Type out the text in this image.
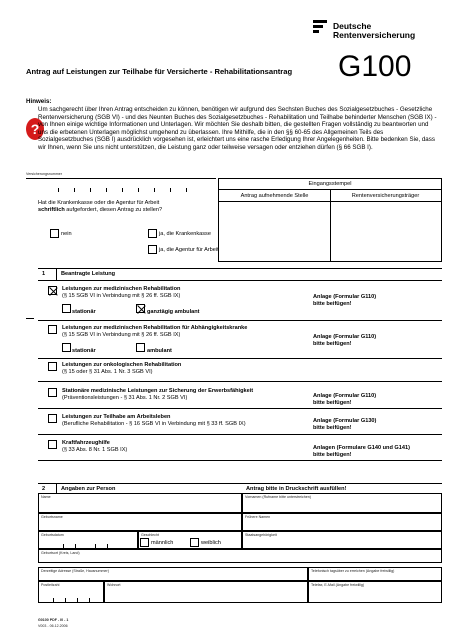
Deutsche
Rentenversicherung
Antrag auf Leistungen zur Teilhabe für Versicherte - Rehabilitationsantrag G100
?
Hinweis:
Um sachgerecht über Ihren Antrag entscheiden zu können, benötigen wir aufgrund des Sechsten Buches des Sozialgesetzbuches - Gesetzliche Rentenversicherung (SGB VI) - und des Neunten Buches des Sozialgesetzbuches - Rehabilitation und Teilhabe behinderter Menschen (SGB IX) - von Ihnen einige wichtige Informationen und Unterlagen. Wir möchten Sie deshalb bitten, die gestellten Fragen vollständig zu beantworten und uns die erbetenen Unterlagen möglichst umgehend zu überlassen. Ihre Mithilfe, die in den §§ 60-65 des Allgemeinen Teils des Sozialgesetzbuches (SGB I) ausdrücklich vorgesehen ist, erleichtert uns eine rasche Erledigung Ihrer Angelegenheiten. Bitte bedenken Sie, dass wir Ihnen, wenn Sie uns nicht unterstützen, die Leistung ganz oder teilweise versagen oder entziehen dürfen (§ 66 SGB I).
Versicherungsnummer
Eingangsstempel
Antrag aufnehmende Stelle	Rentenversicherungsträger
Hat die Krankenkasse oder die Agentur für Arbeit
schriftlich aufgefordert, diesen Antrag zu stellen?
nein	ja, die Krankenkasse
ja, die Agentur für Arbeit
1	Beantragte Leistung
Leistungen zur medizinischen Rehabilitation
(§ 15 SGB VI in Verbindung mit § 26 ff. SGB IX)	Anlage (Formular G110)
bitte beifügen!
stationär	ganztägig ambulant
Leistungen zur medizinischen Rehabilitation für Abhängigkeitskranke
(§ 15 SGB VI in Verbindung mit § 26 ff. SGB IX)	Anlage (Formular G110)
bitte beifügen!
stationär	ambulant
Leistungen zur onkologischen Rehabilitation
(§ 15 oder § 31 Abs. 1 Nr. 3 SGB VI)
Stationäre medizinische Leistungen zur Sicherung der Erwerbsfähigkeit
(Präventionsleistungen - § 31 Abs. 1 Nr. 2 SGB VI)	Anlage (Formular G110)
bitte beifügen!
Leistungen zur Teilhabe am Arbeitsleben
(Berufliche Rehabilitation - § 16 SGB VI in Verbindung mit § 33 ff. SGB IX)	Anlage (Formular G130)
bitte beifügen!
Kraftfahrzeughilfe
(§ 33 Abs. 8 Nr. 1 SGB IX)	Anlagen (Formulare G140 und G141)
bitte beifügen!
2	Angaben zur Person	Antrag bitte in Druckschrift ausfüllen!
Name	Vornamen (Rufname bitte unterstreichen)
Geburtsname	Frühere Namen
Geburtsdatum	Geschlecht
männlich	weiblich
Staatsangehörigkeit
Geburtsort (Kreis, Land)
Derzeitige Adresse (Straße, Hausnummer)	Telefonisch tagsüber zu erreichen (Angabe freiwillig)
Postleitzahl	Wohnort	Telefax, E-Mail (Angabe freiwillig)
G0100 PDF - I0 - 1
V003 - 06.12.2006
